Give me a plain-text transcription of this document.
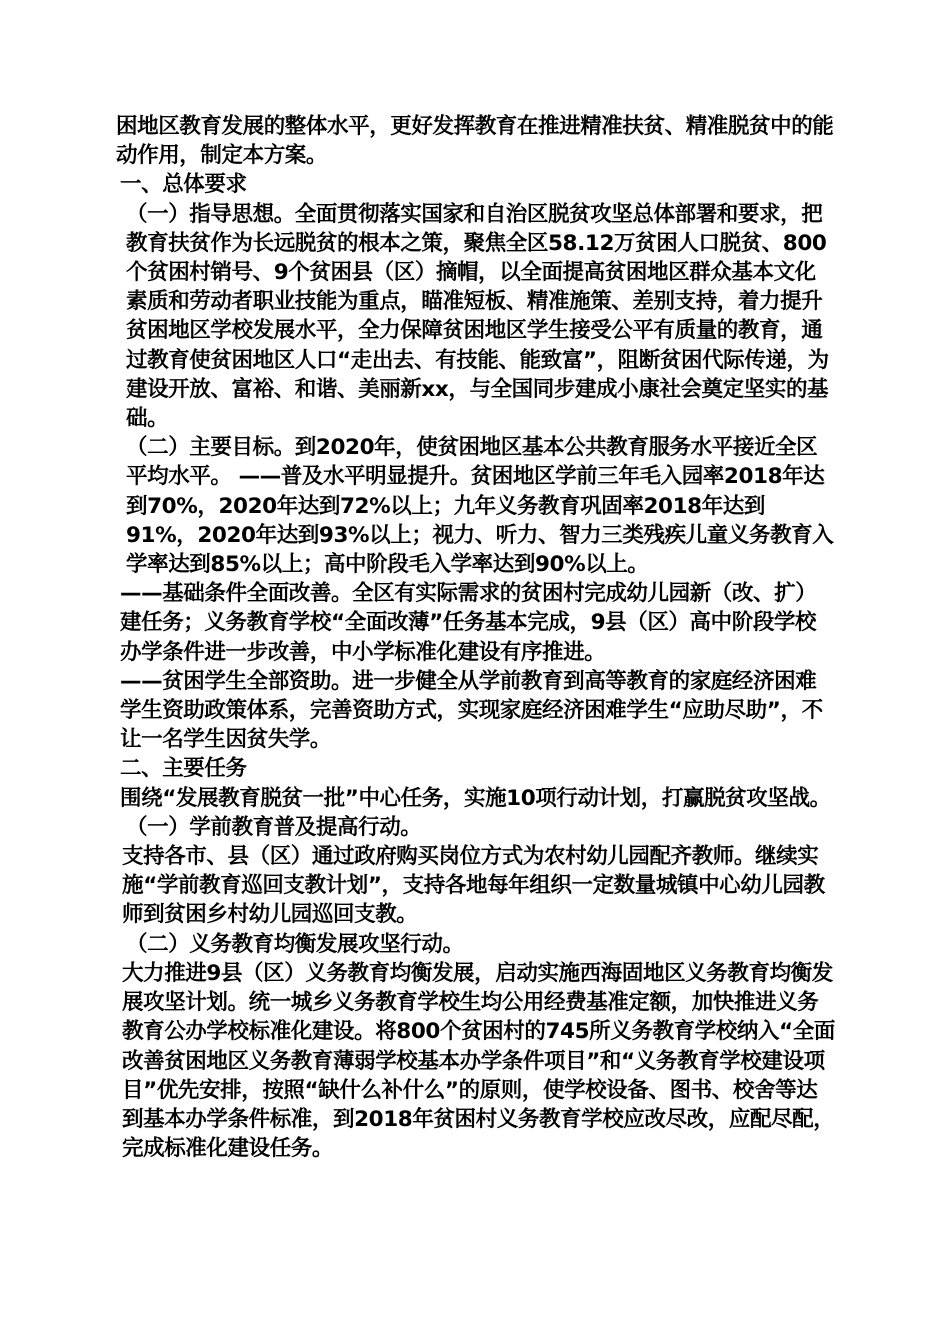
困地区教育发展的整体水平，更好发挥教育在推进精准扶贫、精准脱贫中的能动作用，制定本方案。

一、总体要求

（一）指导思想。全面贯彻落实国家和自治区脱贫攻坚总体部署和要求，把教育扶贫作为长远脱贫的根本之策，聚焦全区58.12万贫困人口脱贫、800个贫困村销号、9个贫困县（区）摘帽，以全面提高贫困地区群众基本文化素质和劳动者职业技能为重点，瞄准短板、精准施策、差别支持，着力提升贫困地区学校发展水平，全力保障贫困地区学生接受公平有质量的教育，通过教育使贫困地区人口“走出去、有技能、能致富”，阻断贫困代际传递，为建设开放、富裕、和谐、美丽新xx，与全国同步建成小康社会奠定坚实的基础。

（二）主要目标。到2020年，使贫困地区基本公共教育服务水平接近全区平均水平。 ——普及水平明显提升。贫困地区学前三年毛入园率2018年达到70%，2020年达到72%以上；九年义务教育巩固率2018年达到91%，2020年达到93%以上；视力、听力、智力三类残疾儿童义务教育入学率达到85%以上；高中阶段毛入学率达到90%以上。

——基础条件全面改善。全区有实际需求的贫困村完成幼儿园新（改、扩）建任务；义务教育学校“全面改薄”任务基本完成，9县（区）高中阶段学校办学条件进一步改善，中小学标准化建设有序推进。

——贫困学生全部资助。进一步健全从学前教育到高等教育的家庭经济困难学生资助政策体系，完善资助方式，实现家庭经济困难学生“应助尽助”，不让一名学生因贫失学。

二、主要任务

围绕“发展教育脱贫一批”中心任务，实施10项行动计划，打赢脱贫攻坚战。

（一）学前教育普及提高行动。

支持各市、县（区）通过政府购买岗位方式为农村幼儿园配齐教师。继续实施“学前教育巡回支教计划”，支持各地每年组织一定数量城镇中心幼儿园教师到贫困乡村幼儿园巡回支教。

（二）义务教育均衡发展攻坚行动。

大力推进9县（区）义务教育均衡发展，启动实施西海固地区义务教育均衡发展攻坚计划。统一城乡义务教育学校生均公用经费基准定额，加快推进义务教育公办学校标准化建设。将800个贫困村的745所义务教育学校纳入“全面改善贫困地区义务教育薄弱学校基本办学条件项目”和“义务教育学校建设项目”优先安排，按照“缺什么补什么”的原则，使学校设备、图书、校舍等达到基本办学条件标准，到2018年贫困村义务教育学校应改尽改，应配尽配，完成标准化建设任务。
